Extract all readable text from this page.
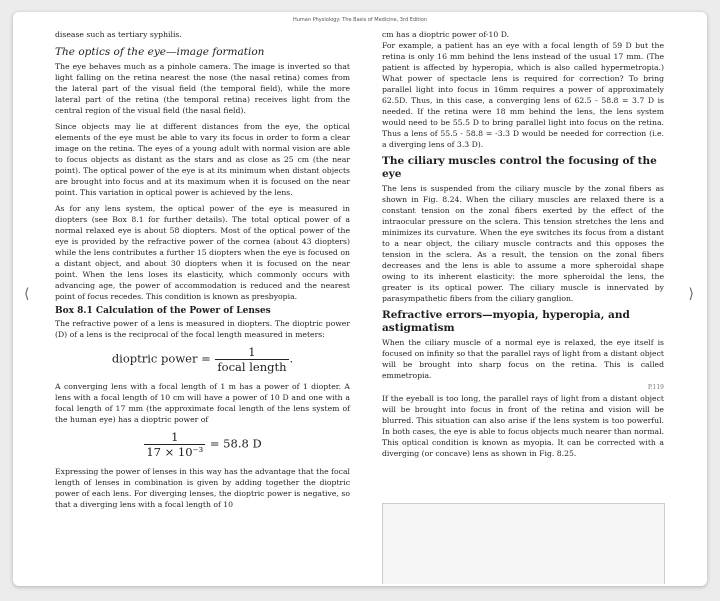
Human Physiology: The Basis of Medicine, 3rd Edition
⟨	⟩

disease such as tertiary syphilis.

The optics of the eye—image formation

The eye behaves much as a pinhole camera. The image is inverted so that light falling on the retina nearest the nose (the nasal retina) comes from the lateral part of the visual field (the temporal field), while the more lateral part of the retina (the temporal retina) receives light from the central region of the visual field (the nasal field).

Since objects may lie at different distances from the eye, the optical elements of the eye must be able to vary its focus in order to form a clear image on the retina. The eyes of a young adult with normal vision are able to focus objects as distant as the stars and as close as 25 cm (the near point). The optical power of the eye is at its minimum when distant objects are brought into focus and at its maximum when it is focused on the near point. This variation in optical power is achieved by the lens.

As for any lens system, the optical power of the eye is measured in diopters (see Box 8.1 for further details). The total optical power of a normal relaxed eye is about 58 diopters. Most of the optical power of the eye is provided by the refractive power of the cornea (about 43 diopters) while the lens contributes a further 15 diopters when the eye is focused on a distant object, and about 30 diopters when it is focused on the near point. When the lens loses its elasticity, which commonly occurs with advancing age, the power of accommodation is reduced and the nearest point of focus recedes. This condition is known as presbyopia.

Box 8.1 Calculation of the Power of Lenses

The refractive power of a lens is measured in diopters. The dioptric power (D) of a lens is the reciprocal of the focal length measured in meters:

dioptric power = $\frac{1}{\text{focal length}}$ .

A converging lens with a focal length of 1 m has a power of 1 diopter. A lens with a focal length of 10 cm will have a power of 10 D and one with a focal length of 17 mm (the approximate focal length of the lens system of the human eye) has a dioptric power of

$\frac{1}{\text{17 × 10⁻³}} = 58.8$ D

Expressing the power of lenses in this way has the advantage that the focal length of lenses in combination is given by adding together the dioptric power of each lens. For diverging lenses, the dioptric power is negative, so that a diverging lens with a focal length of 10

cm has a dioptric power of-10 D.

For example, a patient has an eye with a focal length of 59 D but the retina is only 16 mm behind the lens instead of the usual 17 mm. (The patient is affected by hyperopia, which is also called hypermetropia.) What power of spectacle lens is required for correction? To bring parallel light into focus in 16mm requires a power of approximately 62.5D. Thus, in this case, a converging lens of 62.5 - 58.8 = 3.7 D is needed. If the retina were 18 mm behind the lens, the lens system would need to be 55.5 D to bring parallel light into focus on the retina. Thus a lens of 55.5 - 58.8 = -3.3 D would be needed for correction (i.e. a diverging lens of 3.3 D).

The ciliary muscles control the focusing of the eye

The lens is suspended from the ciliary muscle by the zonal fibers as shown in Fig. 8.24. When the ciliary muscles are relaxed there is a constant tension on the zonal fibers exerted by the effect of the intraocular pressure on the sclera. This tension stretches the lens and minimizes its curvature. When the eye switches its focus from a distant to a near object, the ciliary muscle contracts and this opposes the tension in the sclera. As a result, the tension on the zonal fibers decreases and the lens is able to assume a more spheroidal shape owing to its inherent elasticity: the more spheroidal the lens, the greater is its optical power. The ciliary muscle is innervated by parasympathetic fibers from the ciliary ganglion.

Refractive errors—myopia, hyperopia, and astigmatism

When the ciliary muscle of a normal eye is relaxed, the eye itself is focused on infinity so that the parallel rays of light from a distant object will be brought into sharp focus on the retina. This is called emmetropia.

P.119

If the eyeball is too long, the parallel rays of light from a distant object will be brought into focus in front of the retina and vision will be blurred. This situation can also arise if the lens system is too powerful. In both cases, the eye is able to focus objects much nearer than normal. This optical condition is known as myopia. It can be corrected with a diverging (or concave) lens as shown in Fig. 8.25.
